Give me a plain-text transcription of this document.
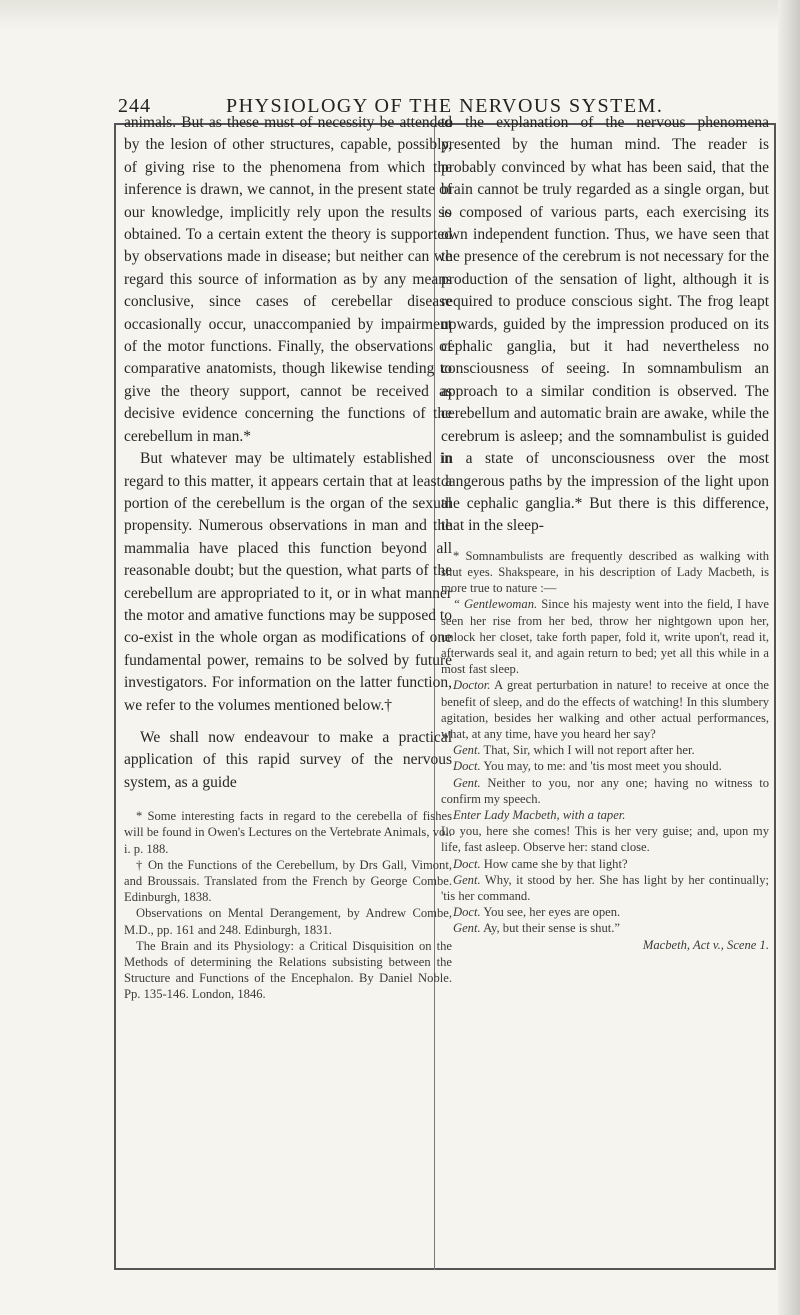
244	PHYSIOLOGY OF THE NERVOUS SYSTEM.

animals. But as these must of necessity be attended by the lesion of other structures, capable, possibly, of giving rise to the phenomena from which the inference is drawn, we cannot, in the present state of our knowledge, implicitly rely upon the results so obtained. To a certain extent the theory is supported by observations made in disease; but neither can we regard this source of information as by any means conclusive, since cases of cerebellar disease occasionally occur, unaccompanied by impairment of the motor functions. Finally, the observations of comparative anatomists, though likewise tending to give the theory support, cannot be received as decisive evidence concerning the functions of the cerebellum in man.*

But whatever may be ultimately established in regard to this matter, it appears certain that at least a portion of the cerebellum is the organ of the sexual propensity. Numerous observations in man and the mammalia have placed this function beyond all reasonable doubt; but the question, what parts of the cerebellum are appropriated to it, or in what manner the motor and amative functions may be supposed to co-exist in the whole organ as modifications of one fundamental power, remains to be solved by future investigators. For information on the latter function, we refer to the volumes mentioned below.†

We shall now endeavour to make a practical application of this rapid survey of the nervous system, as a guide

* Some interesting facts in regard to the cerebella of fishes will be found in Owen's Lectures on the Vertebrate Animals, vol. i. p. 188.

† On the Functions of the Cerebellum, by Drs Gall, Vimont, and Broussais. Translated from the French by George Combe. Edinburgh, 1838.

Observations on Mental Derangement, by Andrew Combe, M.D., pp. 161 and 248. Edinburgh, 1831.

The Brain and its Physiology: a Critical Disquisition on the Methods of determining the Relations subsisting between the Structure and Functions of the Encephalon. By Daniel Noble. Pp. 135-146. London, 1846.

to the explanation of the nervous phenomena presented by the human mind. The reader is probably convinced by what has been said, that the brain cannot be truly regarded as a single organ, but is composed of various parts, each exercising its own independent function. Thus, we have seen that the presence of the cerebrum is not necessary for the production of the sensation of light, although it is required to produce conscious sight. The frog leapt upwards, guided by the impression produced on its cephalic ganglia, but it had nevertheless no consciousness of seeing. In somnambulism an approach to a similar condition is observed. The cerebellum and automatic brain are awake, while the cerebrum is asleep; and the somnambulist is guided in a state of unconsciousness over the most dangerous paths by the impression of the light upon the cephalic ganglia.* But there is this difference, that in the sleep-

* Somnambulists are frequently described as walking with shut eyes. Shakspeare, in his description of Lady Macbeth, is more true to nature :—

“ Gentlewoman. Since his majesty went into the field, I have seen her rise from her bed, throw her nightgown upon her, unlock her closet, take forth paper, fold it, write upon't, read it, afterwards seal it, and again return to bed; yet all this while in a most fast sleep.

Doctor. A great perturbation in nature! to receive at once the benefit of sleep, and do the effects of watching! In this slumbery agitation, besides her walking and other actual performances, what, at any time, have you heard her say?

Gent. That, Sir, which I will not report after her.

Doct. You may, to me: and 'tis most meet you should.

Gent. Neither to you, nor any one; having no witness to confirm my speech.

Enter Lady Macbeth, with a taper.

Lo you, here she comes! This is her very guise; and, upon my life, fast asleep. Observe her: stand close.

Doct. How came she by that light?

Gent. Why, it stood by her. She has light by her continually; 'tis her command.

Doct. You see, her eyes are open.

Gent. Ay, but their sense is shut.”

Macbeth, Act v., Scene 1.
